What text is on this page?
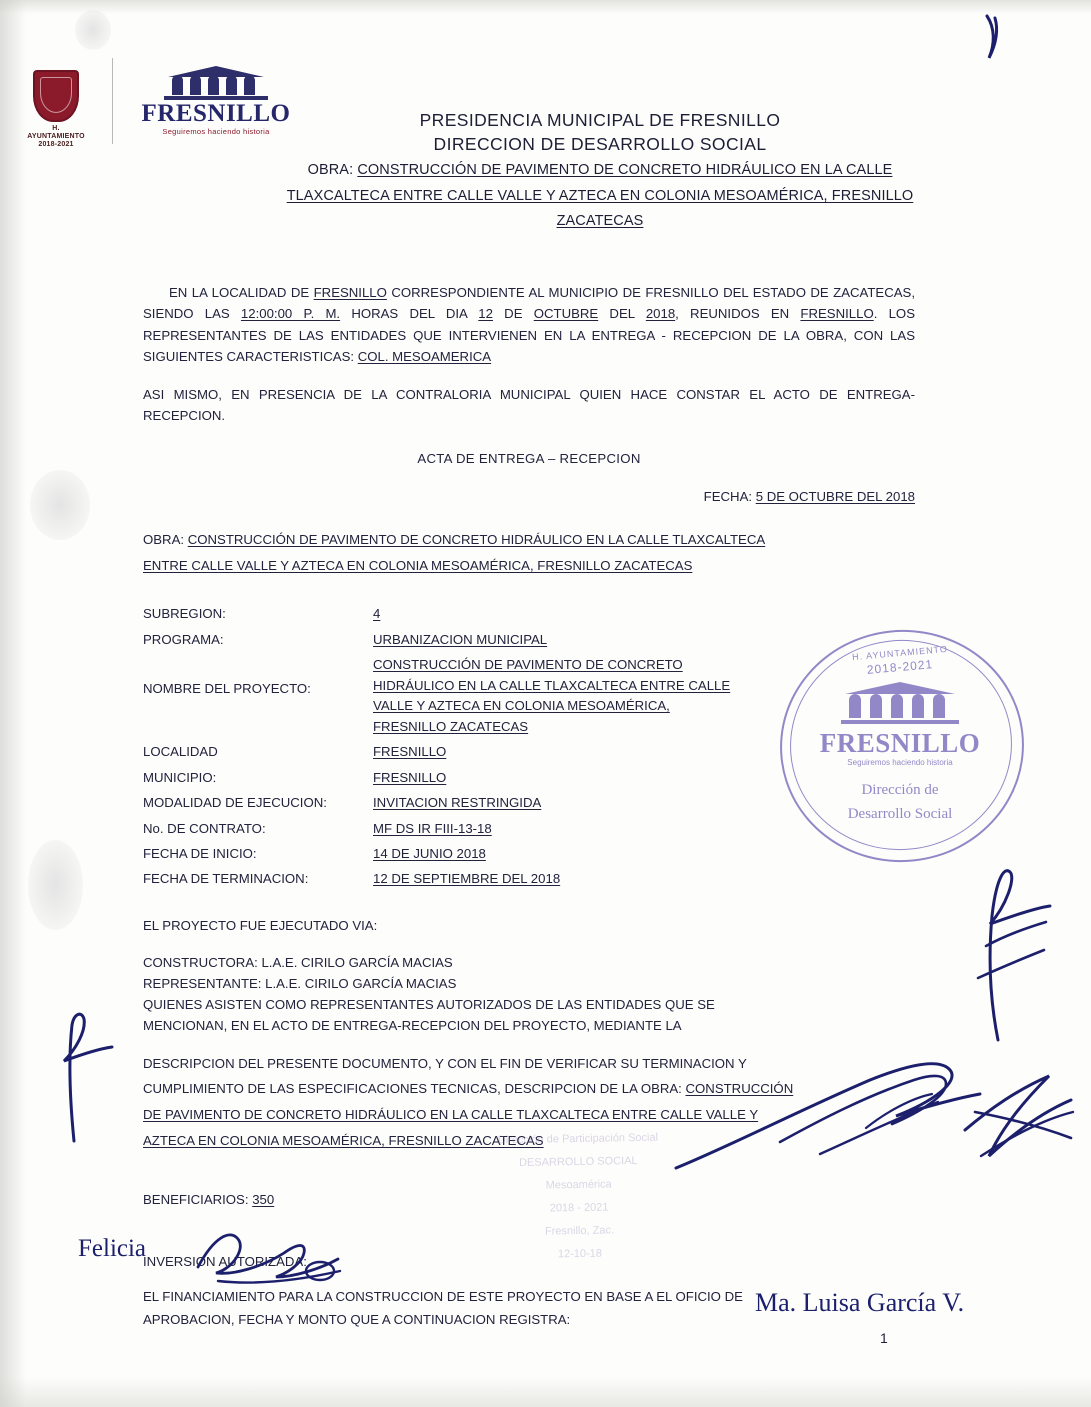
H. AYUNTAMIENTO
2018-2021
FRESNILLO
Seguiremos haciendo historia
PRESIDENCIA MUNICIPAL DE FRESNILLO
DIRECCION DE DESARROLLO SOCIAL
OBRA: CONSTRUCCIÓN DE PAVIMENTO DE CONCRETO HIDRÁULICO EN LA CALLE
TLAXCALTECA ENTRE CALLE VALLE Y AZTECA EN COLONIA MESOAMÉRICA, FRESNILLO
ZACATECAS

EN LA LOCALIDAD DE FRESNILLO CORRESPONDIENTE AL MUNICIPIO DE FRESNILLO DEL ESTADO DE ZACATECAS, SIENDO LAS 12:00:00 P. M. HORAS DEL DIA 12 DE OCTUBRE DEL 2018, REUNIDOS EN FRESNILLO. LOS REPRESENTANTES DE LAS ENTIDADES QUE INTERVIENEN EN LA ENTREGA - RECEPCION DE LA OBRA, CON LAS SIGUIENTES CARACTERISTICAS: COL. MESOAMERICA

ASI MISMO, EN PRESENCIA DE LA CONTRALORIA MUNICIPAL QUIEN HACE CONSTAR EL ACTO DE ENTREGA-RECEPCION.

ACTA DE ENTREGA – RECEPCION
FECHA: 5 DE OCTUBRE DEL 2018
OBRA: CONSTRUCCIÓN DE PAVIMENTO DE CONCRETO HIDRÁULICO EN LA CALLE TLAXCALTECA
ENTRE CALLE VALLE Y AZTECA EN COLONIA MESOAMÉRICA, FRESNILLO ZACATECAS
SUBREGION:	4
PROGRAMA:	URBANIZACION MUNICIPAL
NOMBRE DEL PROYECTO:	CONSTRUCCIÓN DE PAVIMENTO DE CONCRETO
HIDRÁULICO EN LA CALLE TLAXCALTECA ENTRE CALLE
VALLE Y AZTECA EN COLONIA MESOAMÉRICA,
FRESNILLO ZACATECAS

LOCALIDAD	FRESNILLO
MUNICIPIO:	FRESNILLO
MODALIDAD DE EJECUCION:	INVITACION RESTRINGIDA
No. DE CONTRATO:	MF DS IR FIII-13-18
FECHA DE INICIO:	14 DE JUNIO 2018
FECHA DE TERMINACION:	12 DE SEPTIEMBRE DEL 2018
EL PROYECTO FUE EJECUTADO VIA:
CONSTRUCTORA: L.A.E. CIRILO GARCÍA MACIAS
REPRESENTANTE: L.A.E. CIRILO GARCÍA MACIAS
QUIENES ASISTEN COMO REPRESENTANTES AUTORIZADOS DE LAS ENTIDADES QUE SE
MENCIONAN, EN EL ACTO DE ENTREGA-RECEPCION DEL PROYECTO, MEDIANTE LA
DESCRIPCION DEL PRESENTE DOCUMENTO, Y CON EL FIN DE VERIFICAR SU TERMINACION Y
CUMPLIMIENTO DE LAS ESPECIFICACIONES TECNICAS, DESCRIPCION DE LA OBRA: CONSTRUCCIÓN
DE PAVIMENTO DE CONCRETO HIDRÁULICO EN LA CALLE TLAXCALTECA ENTRE CALLE VALLE Y
AZTECA EN COLONIA MESOAMÉRICA, FRESNILLO ZACATECAS
BENEFICIARIOS: 350
INVERSION AUTORIZADA:
EL FINANCIAMIENTO PARA LA CONSTRUCCION DE ESTE PROYECTO EN BASE A EL OFICIO DE
APROBACION, FECHA Y MONTO QUE A CONTINUACION REGISTRA:
H. AYUNTAMIENTO
2018-2021
FRESNILLO
Seguiremos haciendo historia
Dirección de
Desarrollo Social
Dirección de Participación Social
DESARROLLO SOCIAL
Mesoamérica
2018 - 2021
Fresnillo, Zac.
12-10-18
Felicia
Ma. Luisa García V.
1
